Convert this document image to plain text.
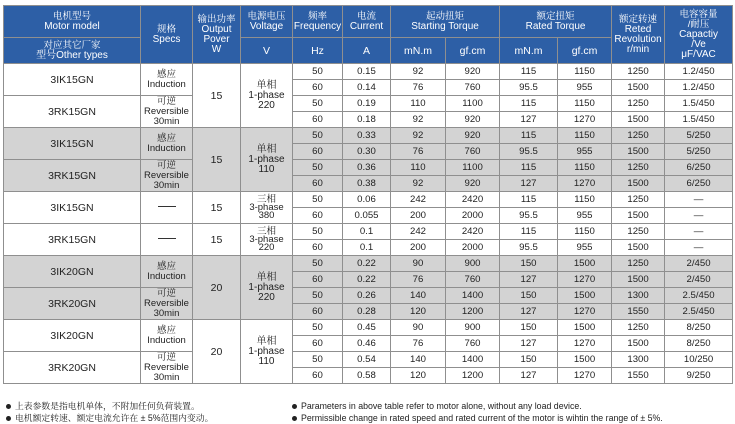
电机型号
Motor model	规格
Specs	输出功率
Output
Pover
W	电源电压
Voltage	频率
Frequency	电流
Current	起动扭矩
Starting Torque		额定扭矩
Rated Torque		额定转速
Reted
Revolution
r/min	电容容量
/耐压
Capactiy
/Ve
μF/VAC

对应其它厂家
型号Other types			V	Hz	A	mN.m	gf.cm	mN.m	gf.cm		
3IK15GN	感应
Induction	15	单相
1-phase
220	50	0.15	92	920	115	1150	1250	1.2/450
				60	0.14	76	760	95.5	955	1500	1.2/450
3RK15GN	可逆
Reversible
30min			50	0.19	110	1100	115	1150	1250	1.5/450
				60	0.18	92	920	127	1270	1500	1.5/450
3IK15GN	感应
Induction	15	单相
1-phase
110	50	0.33	92	920	115	1150	1250	5/250
				60	0.30	76	760	95.5	955	1500	5/250
3RK15GN	可逆
Reversible
30min			50	0.36	110	1100	115	1150	1250	6/250
				60	0.38	92	920	127	1270	1500	6/250
3IK15GN		15	三相
3-phase
380	50	0.06	242	2420	115	1150	1250	—
				60	0.055	200	2000	95.5	955	1500	—
3RK15GN		15	三相
3-phase
220	50	0.1	242	2420	115	1150	1250	—
				60	0.1	200	2000	95.5	955	1500	—
3IK20GN	感应
Induction	20	单相
1-phase
220	50	0.22	90	900	150	1500	1250	2/450
				60	0.22	76	760	127	1270	1500	2/450
3RK20GN	可逆
Reversible
30min			50	0.26	140	1400	150	1500	1300	2.5/450
				60	0.28	120	1200	127	1270	1550	2.5/450
3IK20GN	感应
Induction	20	单相
1-phase
110	50	0.45	90	900	150	1500	1250	8/250
				60	0.46	76	760	127	1270	1500	8/250
3RK20GN	可逆
Reversible
30min			50	0.54	140	1400	150	1500	1300	10/250
				60	0.58	120	1200	127	1270	1550	9/250
上表参数是指电机单体，不附加任何负荷装置。
电机额定转速、额定电流允许在 ± 5%范围内变动。
Parameters in above table refer to motor alone, without any load device.
Permissible change in rated speed and rated current of the motor is wihtin the range of ± 5%.
